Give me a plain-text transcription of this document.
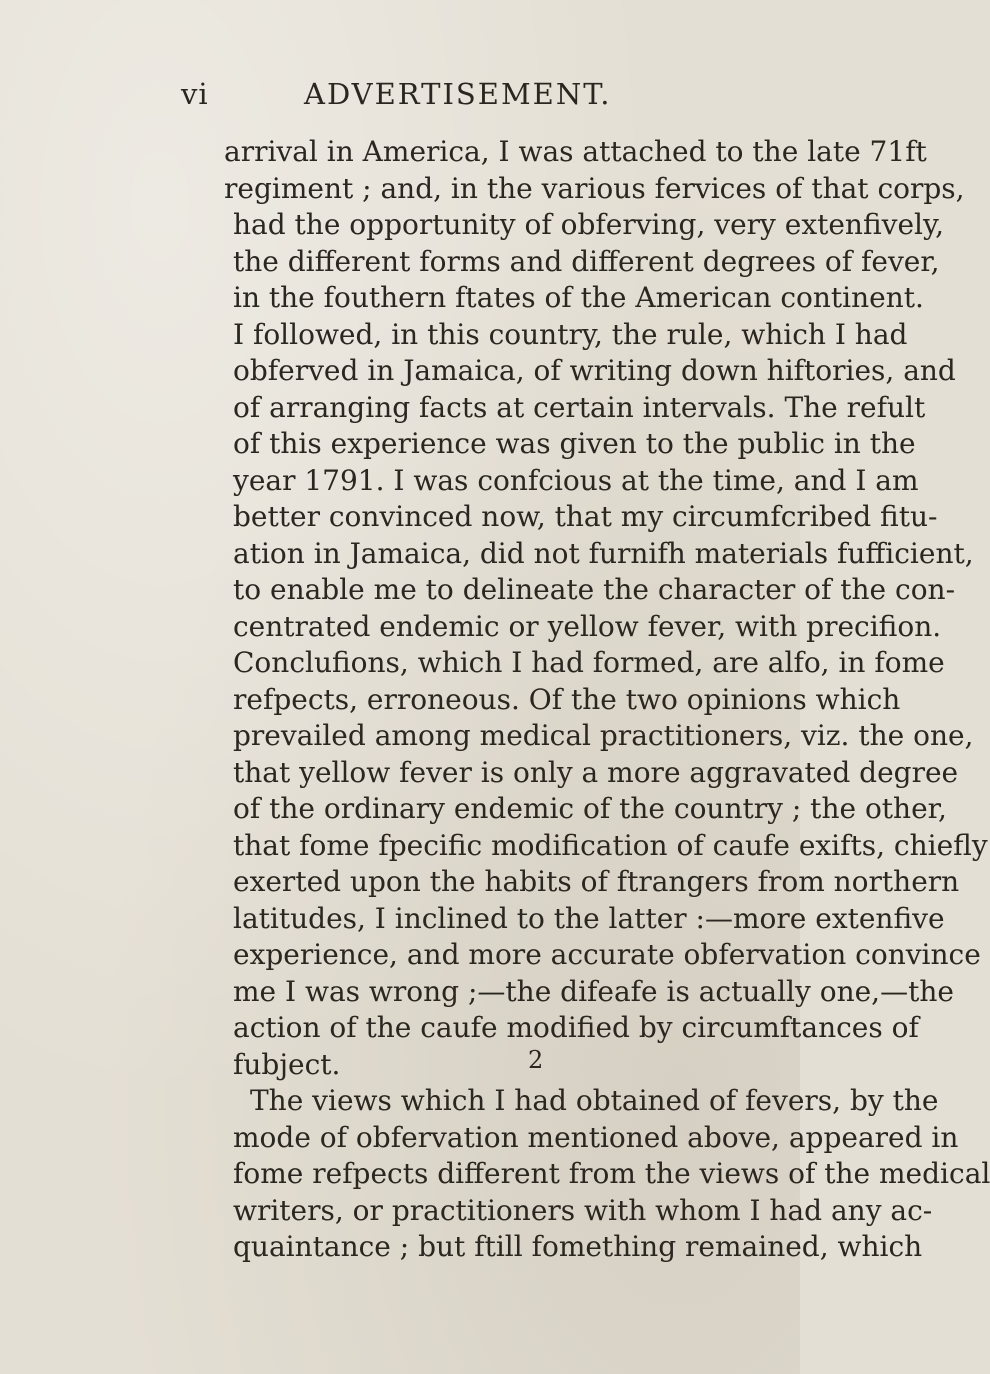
vi	ADVERTISEMENT.
arrival in America, I was attached to the late 71ft
regiment ; and, in the various fervices of that corps,
had the opportunity of obferving, very extenfively,
the different forms and different degrees of fever,
in the fouthern ftates of the American continent.
I followed, in this country, the rule, which I had
obferved in Jamaica, of writing down hiftories, and
of arranging facts at certain intervals. The refult
of this experience was given to the public in the
year 1791. I was confcious at the time, and I am
better convinced now, that my circumfcribed fitu-
ation in Jamaica, did not furnifh materials fufficient,
to enable me to delineate the character of the con-
centrated endemic or yellow fever, with precifion.
Conclufions, which I had formed, are alfo, in fome
refpects, erroneous. Of the two opinions which
prevailed among medical practitioners, viz. the one,
that yellow fever is only a more aggravated degree
of the ordinary endemic of the country ; the other,
that fome fpecific modification of caufe exifts, chiefly
exerted upon the habits of ftrangers from northern
latitudes, I inclined to the latter :—more extenfive
experience, and more accurate obfervation convince
me I was wrong ;—the difeafe is actually one,—the
action of the caufe modified by circumftances of
fubject.
The views which I had obtained of fevers, by the
mode of obfervation mentioned above, appeared in
fome refpects different from the views of the medical
writers, or practitioners with whom I had any ac-
quaintance ; but ftill fomething remained, which
2
